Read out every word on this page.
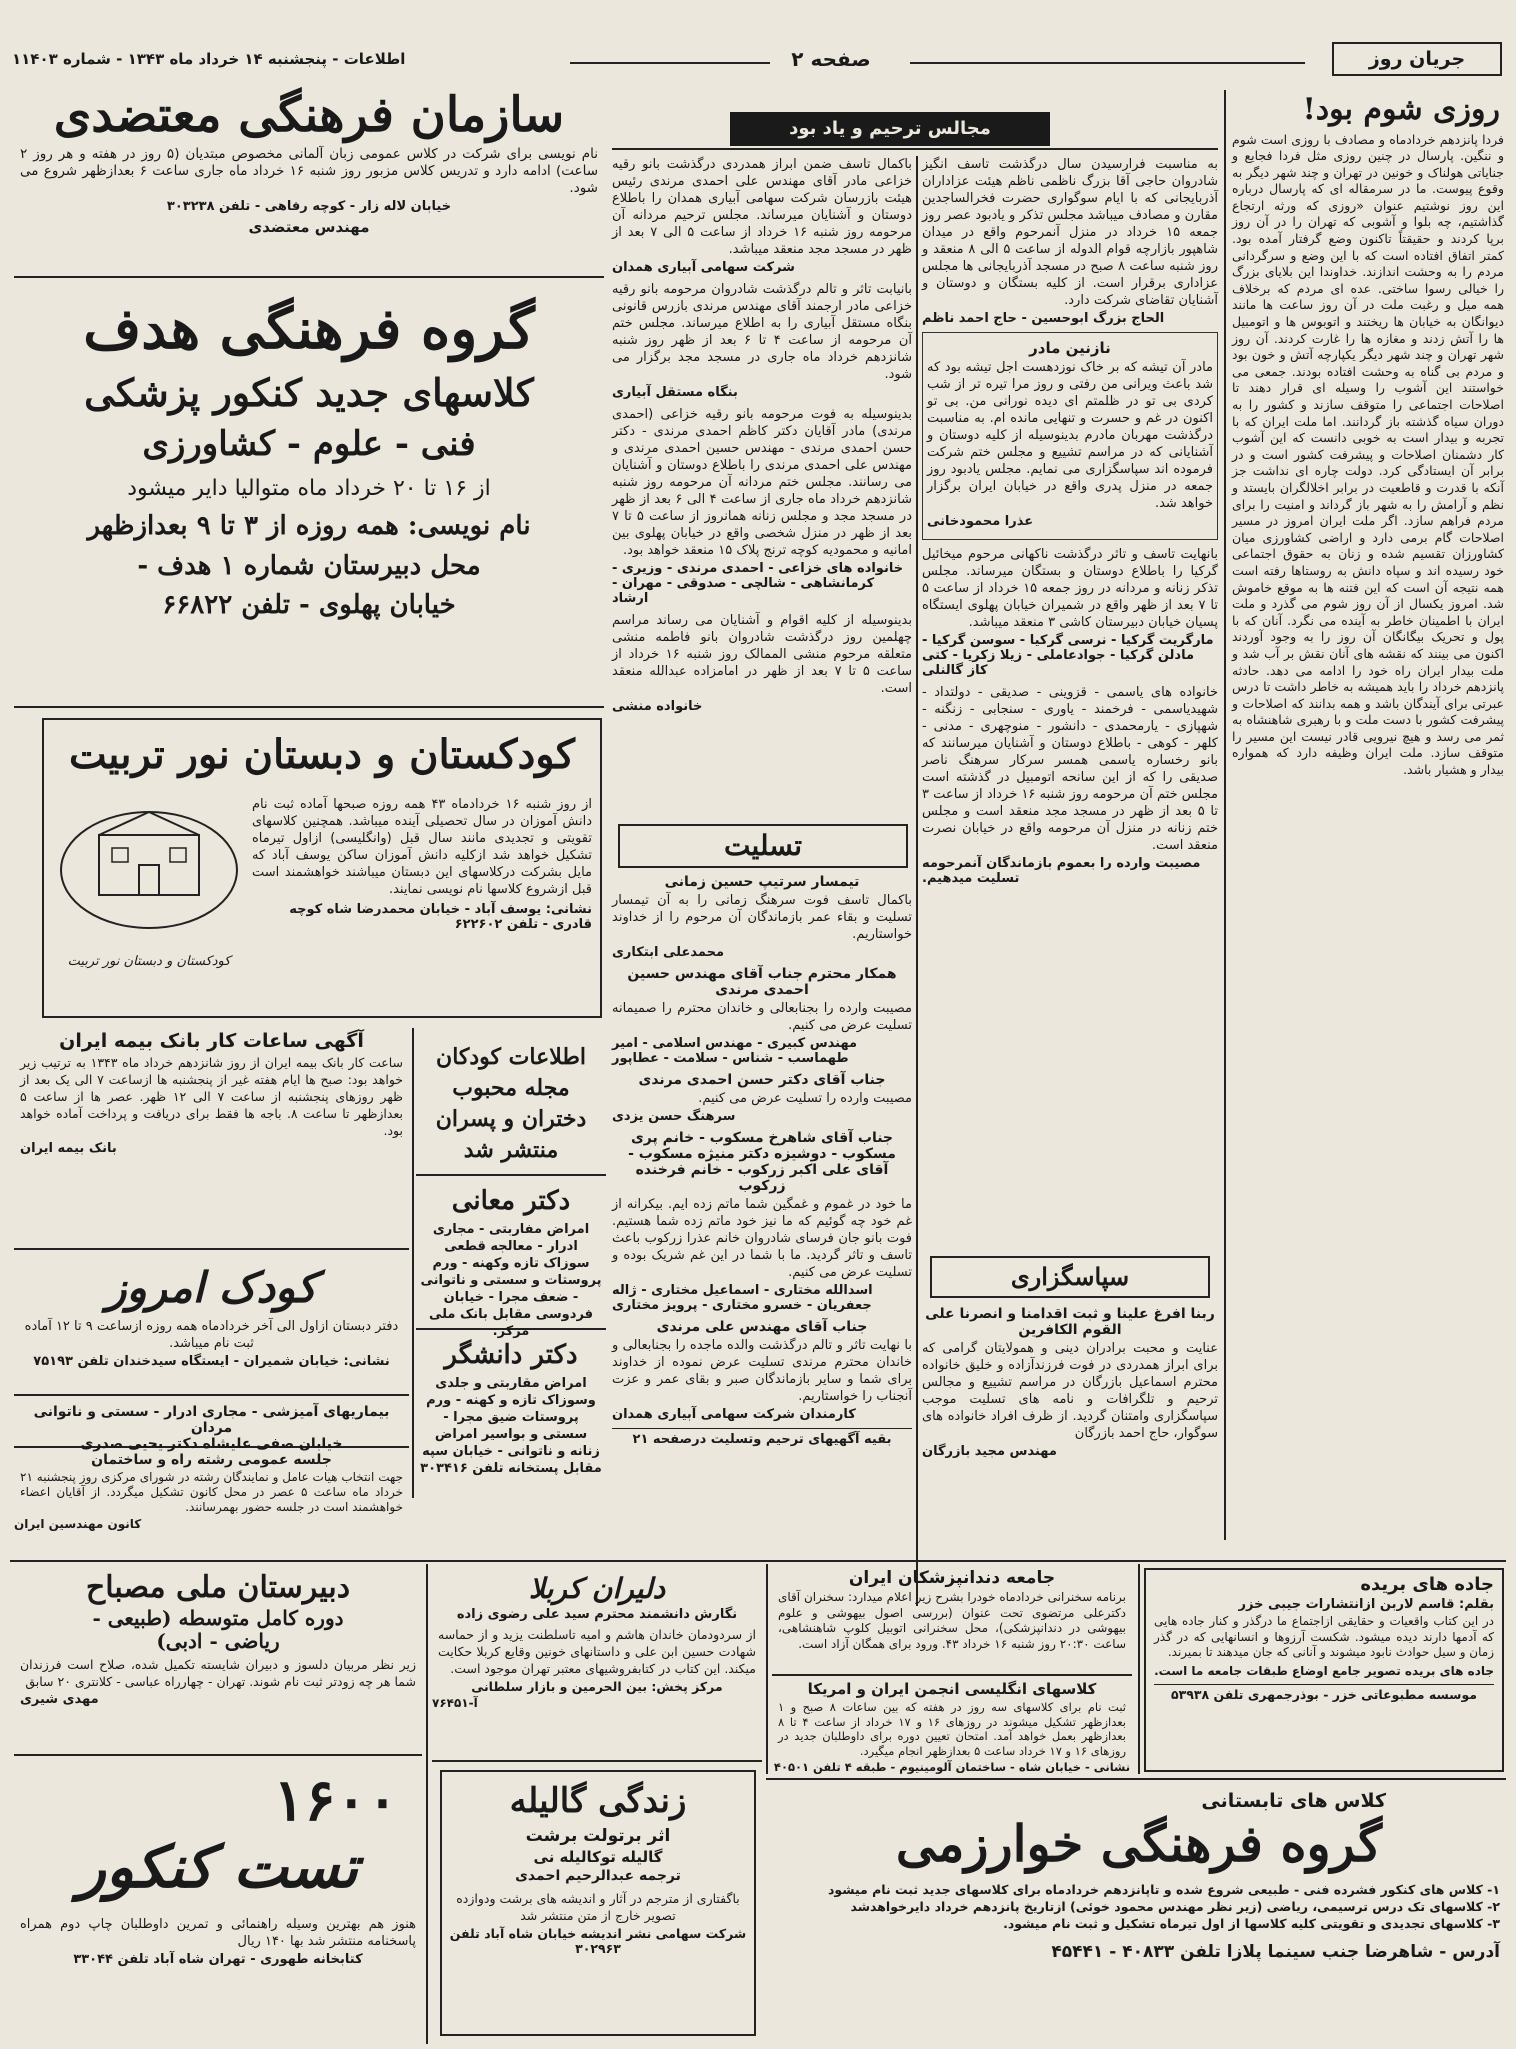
جریان روز
صفحه ۲
اطلاعات - پنجشنبه ۱۴ خرداد ماه ۱۳۴۳ - شماره ۱۱۴۰۳
روزی شوم بود!

فردا پانزدهم خردادماه و مصادف با روزی است شوم و ننگین. پارسال در چنین روزی مثل فردا فجایع و جنایاتی هولناک و خونین در تهران و چند شهر دیگر به وقوع پیوست. ما در سرمقاله ای که پارسال درباره این روز نوشتیم عنوان «روزی که ورثه ارتجاع گذاشتیم، چه بلوا و آشوبی که تهران را در آن روز برپا کردند و حقیقتاً تاکنون وضع گرفتار آمده بود. کمتر اتفاق افتاده است که با این وضع و سرگردانی مردم را به وحشت اندازند. خداوندا این بلایای بزرگ را خیالی رسوا ساختی. عده ای مردم که برخلاف همه میل و رغبت ملت در آن روز ساعت ها مانند دیوانگان به خیابان ها ریختند و اتوبوس ها و اتومبیل ها را آتش زدند و مغازه ها را غارت کردند. آن روز شهر تهران و چند شهر دیگر یکپارچه آتش و خون بود و مردم بی گناه به وحشت افتاده بودند. جمعی می خواستند این آشوب را وسیله ای قرار دهند تا اصلاحات اجتماعی را متوقف سازند و کشور را به دوران سیاه گذشته باز گردانند. اما ملت ایران که با تجربه و بیدار است به خوبی دانست که این آشوب کار دشمنان اصلاحات و پیشرفت کشور است و در برابر آن ایستادگی کرد. دولت چاره ای نداشت جز آنکه با قدرت و قاطعیت در برابر اخلالگران بایستد و نظم و آرامش را به شهر باز گرداند و امنیت را برای مردم فراهم سازد. اگر ملت ایران امروز در مسیر اصلاحات گام برمی دارد و اراضی کشاورزی میان کشاورزان تقسیم شده و زنان به حقوق اجتماعی خود رسیده اند و سپاه دانش به روستاها رفته است همه نتیجه آن است که این فتنه ها به موقع خاموش شد. امروز یکسال از آن روز شوم می گذرد و ملت ایران با اطمینان خاطر به آینده می نگرد. آنان که با پول و تحریک بیگانگان آن روز را به وجود آوردند اکنون می بینند که نقشه های آنان نقش بر آب شد و ملت بیدار ایران راه خود را ادامه می دهد. حادثه پانزدهم خرداد را باید همیشه به خاطر داشت تا درس عبرتی برای آیندگان باشد و همه بدانند که اصلاحات و پیشرفت کشور با دست ملت و با رهبری شاهنشاه به ثمر می رسد و هیچ نیرویی قادر نیست این مسیر را متوقف سازد. ملت ایران وظیفه دارد که همواره بیدار و هشیار باشد.

مجالس ترحیم و یاد بود

باکمال تاسف ضمن ابراز همدردی درگذشت بانو رقیه خزاعی مادر آقای مهندس علی احمدی مرندی رئیس هیئت بازرسان شرکت سهامی آبیاری همدان را باطلاع دوستان و آشنایان میرساند. مجلس ترحیم مردانه آن مرحومه روز شنبه ۱۶ خرداد از ساعت ۵ الی ۷ بعد از ظهر در مسجد مجد منعقد میباشد.

شرکت سهامی آبیاری همدان

بانیابت تاثر و تالم درگذشت شادروان مرحومه بانو رقیه خزاعی مادر ارجمند آقای مهندس مرندی بازرس قانونی بنگاه مستقل آبیاری را به اطلاع میرساند. مجلس ختم آن مرحومه از ساعت ۴ تا ۶ بعد از ظهر روز شنبه شانزدهم خرداد ماه جاری در مسجد مجد برگزار می شود.

بنگاه مستقل آبیاری

بدینوسیله به فوت مرحومه بانو رقیه خزاعی (احمدی مرندی) مادر آقایان دکتر کاظم احمدی مرندی - دکتر حسن احمدی مرندی - مهندس حسین احمدی مرندی و مهندس علی احمدی مرندی را باطلاع دوستان و آشنایان می رسانند. مجلس ختم مردانه آن مرحومه روز شنبه شانزدهم خرداد ماه جاری از ساعت ۴ الی ۶ بعد از ظهر در مسجد مجد و مجلس زنانه همانروز از ساعت ۵ تا ۷ بعد از ظهر در منزل شخصی واقع در خیابان پهلوی بین امانیه و محمودیه کوچه ترنج پلاک ۱۵ منعقد خواهد بود.

خانواده های خزاعی - احمدی مرندی - وزیری - کرمانشاهی - شالچی - صدوقی - مهران - ارشاد

بدینوسیله از کلیه اقوام و آشنایان می رساند مراسم چهلمین روز درگذشت شادروان بانو فاطمه منشی متعلقه مرحوم منشی الممالک روز شنبه ۱۶ خرداد از ساعت ۵ تا ۷ بعد از ظهر در امامزاده عبدالله منعقد است.

خانواده منشی

به مناسبت فرارسیدن سال درگذشت تاسف انگیز شادروان حاجی آقا بزرگ ناظمی ناظم هیئت عزاداران آذربایجانی که با ایام سوگواری حضرت فخرالساجدین مقارن و مصادف میباشد مجلس تذکر و یادبود عصر روز جمعه ۱۵ خرداد در منزل آنمرحوم واقع در میدان شاهپور بازارچه قوام الدوله از ساعت ۵ الی ۸ منعقد و روز شنبه ساعت ۸ صبح در مسجد آذربایجانی ها مجلس عزاداری برقرار است. از کلیه بستگان و دوستان و آشنایان تقاضای شرکت دارد.

الحاج بزرگ ابوحسین - حاج احمد ناظم

نازنین مادر

مادر آن تیشه که بر خاک نوزدهست اجل تیشه بود که شد باعث ویرانی من رفتی و روز مرا تیره تر از شب کردی بی تو در ظلمتم ای دیده نورانی من. بی تو اکنون در غم و حسرت و تنهایی مانده ام. به مناسبت درگذشت مهربان مادرم بدینوسیله از کلیه دوستان و آشنایانی که در مراسم تشییع و مجلس ختم شرکت فرموده اند سپاسگزاری می نمایم. مجلس یادبود روز جمعه در منزل پدری واقع در خیابان ایران برگزار خواهد شد.

عذرا محمودخانی

بانهایت تاسف و تاثر درگذشت ناکهانی مرحوم میخائیل گرکیا را باطلاع دوستان و بستگان میرساند. مجلس تذکر زنانه و مردانه در روز جمعه ۱۵ خرداد از ساعت ۵ تا ۷ بعد از ظهر واقع در شمیران خیابان پهلوی ایستگاه پسیان خیابان دبیرستان کاشی ۳ منعقد میباشد.

مارگریت گرکیا - نرسی گرکیا - سوسن گرکیا - مادلن گرکیا - جوادعاملی - زیلا زکریا - کتی کاز گالنلی

خانواده های یاسمی - قزوینی - صدیقی - دولتداد - شهیدیاسمی - فرخمند - یاوری - سنجابی - زنگنه - شهپازی - یارمحمدی - دانشور - منوچهری - مدنی - کلهر - کوهی - باطلاع دوستان و آشنایان میرسانند که بانو رخساره یاسمی همسر سرکار سرهنگ ناصر صدیقی را که از این سانحه اتومبیل در گذشته است مجلس ختم آن مرحومه روز شنبه ۱۶ خرداد از ساعت ۳ تا ۵ بعد از ظهر در مسجد مجد منعقد است و مجلس ختم زنانه در منزل آن مرحومه واقع در خیابان نصرت منعقد است.

مصیبت وارده را بعموم بازماندگان آنمرحومه تسلیت میدهیم.

تسلیت

تیمسار سرتیپ حسین زمانی

باکمال تاسف فوت سرهنگ زمانی را به آن تیمسار تسلیت و بقاء عمر بازماندگان آن مرحوم را از خداوند خواستاریم.

محمدعلی ابتکاری

همکار محترم جناب آقای مهندس حسین احمدی مرندی

مصیبت وارده را بجنابعالی و خاندان محترم را صمیمانه تسلیت عرض می کنیم.

مهندس کبیری - مهندس اسلامی - امیر طهماسب - شناس - سلامت - عطاپور

جناب آقای دکتر حسن احمدی مرندی

مصیبت وارده را تسلیت عرض می کنیم.

سرهنگ حسن یزدی

جناب آقای شاهرخ مسکوب - خانم پری مسکوب - دوشیزه دکتر منیژه مسکوب - آقای علی اکبر زرکوب - خانم فرخنده زرکوب

ما خود در غموم و غمگین شما ماتم زده ایم. بیکرانه از غم خود چه گوئیم که ما نیز خود ماتم زده شما هستیم. فوت بانو جان فرسای شادروان خانم عذرا زرکوب باعث تاسف و تاثر گردید. ما با شما در این غم شریک بوده و تسلیت عرض می کنیم.

اسدالله مختاری - اسماعیل مختاری - ژاله جعفریان - خسرو مختاری - پرویز مختاری

جناب آقای مهندس علی مرندی

با نهایت تاثر و تالم درگذشت والده ماجده را بجنابعالی و خاندان محترم مرندی تسلیت عرض نموده از خداوند برای شما و سایر بازماندگان صبر و بقای عمر و عزت آنجناب را خواستاریم.

کارمندان شرکت سهامی آبیاری همدان

بقیه آگهیهای ترحیم وتسلیت درصفحه ۲۱

سپاسگزاری

ربنا افرغ علینا و ثبت اقدامنا و انصرنا علی القوم الکافرین

عنایت و محبت برادران دینی و همولایتان گرامی که برای ابراز همدردی در فوت فرزندآزاده و خلیق خانواده محترم اسماعیل بازرگان در مراسم تشییع و مجالس ترحیم و تلگرافات و نامه های تسلیت موجب سپاسگزاری وامتنان گردید. از ظرف افراد خانواده های سوگوار، حاج احمد بازرگان

مهندس مجید بازرگان

سازمان فرهنگی معتضدی

نام نویسی برای شرکت در کلاس عمومی زبان آلمانی مخصوص مبتدیان (۵ روز در هفته و هر روز ۲ ساعت) ادامه دارد و تدریس کلاس مزبور روز شنبه ۱۶ خرداد ماه جاری ساعت ۶ بعدازظهر شروع می شود.

خیابان لاله زار - کوچه رفاهی - تلفن ۳۰۳۲۳۸

مهندس معتضدی

گروه فرهنگی هدف
کلاسهای جدید کنکور پزشکی
فنی - علوم - کشاورزی
از ۱۶ تا ۲۰ خرداد ماه متوالیا دایر میشود
نام نویسی: همه روزه از ۳ تا ۹ بعدازظهر
محل دبیرستان شماره ۱ هدف -
خیابان پهلوی - تلفن ۶۶۸۲۲
کودکستان و دبستان نور تربیت

از روز شنبه ۱۶ خردادماه ۴۳ همه روزه صبحها آماده ثبت نام دانش آموزان در سال تحصیلی آینده میباشد. همچنین کلاسهای تقویتی و تجدیدی مانند سال قبل (وانگلیسی) ازاول تیرماه تشکیل خواهد شد ازکلیه دانش آموزان ساکن یوسف آباد که مایل بشرکت درکلاسهای این دبستان میباشند خواهشمند است قبل ازشروع کلاسها نام نویسی نمایند.

نشانی: یوسف آباد - خیابان محمدرضا شاه کوچه قادری - تلفن ۶۲۲۶۰۲

کودکستان و دبستان نور تربیت
آگهی ساعات کار بانک بیمه ایران

ساعت کار بانک بیمه ایران از روز شانزدهم خرداد ماه ۱۳۴۳ به ترتیب زیر خواهد بود: صبح ها ایام هفته غیر از پنجشنبه ها ازساعت ۷ الی یک بعد از ظهر روزهای پنجشنبه از ساعت ۷ الی ۱۲ ظهر. عصر ها از ساعت ۵ بعدازظهر تا ساعت ۸. باجه ها فقط برای دریافت و پرداخت آماده خواهد بود.

بانک بیمه ایران

اطلاعات کودکان
مجله محبوب
دختران و پسران
منتشر شد
دکتر معانی

امراض مفاربتی - مجاری ادرار - معالجه قطعی سوزاک تازه وکهنه - ورم پروستات و سستی و ناتوانی - ضعف مجرا - خیابان فردوسی مقابل بانک ملی مرکز.

دکتر دانشگر

امراض مقاربتی و جلدی وسوزاک تازه و کهنه - ورم پروستات ضیق مجرا - سستی و بواسیر امراض زنانه و ناتوانی - خیابان سپه مقابل پستخانه تلفن ۳۰۳۴۱۶

کودک امروز

دفتر دبستان ازاول الی آخر خردادماه همه روزه ازساعت ۹ تا ۱۲ آماده ثبت نام میباشد.

نشانی: خیابان شمیران - ایستگاه سیدخندان تلفن ۷۵۱۹۳

بیماریهای آمیزشی - مجاری ادرار - سستی و ناتوانی مردان

خیابان صفی علیشاه دکتر یحیی صدری

جلسه عمومی رشته راه و ساختمان

جهت انتخاب هیات عامل و نمایندگان رشته در شورای مرکزی روز پنجشنبه ۲۱ خرداد ماه ساعت ۵ عصر در محل کانون تشکیل میگردد. از آقایان اعضاء خواهشمند است در جلسه حضور بهمرسانند.

کانون مهندسین ایران

دبیرستان ملی مصباح
دوره کامل متوسطه (طبیعی -
ریاضی - ادبی)

زیر نظر مربیان دلسوز و دبیران شایسته تکمیل شده، صلاح است فرزندان شما هر چه زودتر ثبت نام شوند. تهران - چهارراه عباسی - کلانتری ۲۰ سابق

مهدی شیری

۱۶۰۰
تست کنکور

هنوز هم بهترین وسیله راهنمائی و تمرین داوطلبان چاپ دوم همراه پاسخنامه منتشر شد بها ۱۴۰ ریال

کتابخانه طهوری - تهران شاه آباد تلفن ۳۳۰۴۴

دلیران کربلا

نگارش دانشمند محترم سید علی رضوی زاده

از سردودمان خاندان هاشم و امیه تاسلطنت یزید و از حماسه شهادت حسین ابن علی و داستانهای خونین وقایع کربلا حکایت میکند. این کتاب در کتابفروشیهای معتبر تهران موجود است.

مرکز پخش: بین الحرمین و بازار سلطانی

آ-۷۶۴۵۱

زندگی گالیله

اثر برتولت برشت

گالیله توکالیله نی

ترجمه عبدالرحیم احمدی

باگفتاری از مترجم در آثار و اندیشه های برشت ودوازده تصویر خارج از متن منتشر شد

شرکت سهامی نشر اندیشه خیابان شاه آباد تلفن ۳۰۲۹۶۳

جامعه دندانپزشکان ایران

برنامه سخنرانی خردادماه خودرا بشرح زیر اعلام میدارد: سخنران آقای دکترعلی مرتضوی تحت عنوان (بررسی اصول بیهوشی و علوم بیهوشی در دندانپزشکی)، محل سخنرانی اتوبیل کلوپ شاهنشاهی، ساعت ۲۰:۳۰ روز شنبه ۱۶ خرداد ۴۳. ورود برای همگان آزاد است.

کلاسهای انگلیسی انجمن ایران و امریکا

ثبت نام برای کلاسهای سه روز در هفته که بین ساعات ۸ صبح و ۱ بعدازظهر تشکیل میشوند در روزهای ۱۶ و ۱۷ خرداد از ساعت ۴ تا ۸ بعدازظهر بعمل خواهد آمد. امتحان تعیین دوره برای داوطلبان جدید در روزهای ۱۶ و ۱۷ خرداد ساعت ۵ بعدازظهر انجام میگیرد.

نشانی - خیابان شاه - ساختمان آلومینیوم - طبقه ۴ تلفن ۴۰۵۰۱

جاده های بریده

بقلم: قاسم لاربن ازانتشارات جیبی خزر

در این کتاب واقعیات و حقایقی ازاجتماع ما درگذر و کنار جاده هایی که آدمها دارند دیده میشود. شکست آرزوها و انسانهایی که در گذر زمان و سیل حوادث نابود میشوند و آنانی که جان میدهند تا بمیرند.

جاده های بریده تصویر جامع اوضاع طبقات جامعه ما است.

موسسه مطبوعاتی خزر - بوذرجمهری تلفن ۵۳۹۳۸

کلاس های تابستانی

گروه فرهنگی خوارزمی

۱- کلاس های کنکور فشرده فنی - طبیعی شروع شده و تاپانزدهم خردادماه برای کلاسهای جدید ثبت نام میشود

۲- کلاسهای تک درس ترسیمی، ریاضی (زیر نظر مهندس محمود خوئی) ازتاریخ پانزدهم خرداد دایرخواهدشد

۳- کلاسهای تجدیدی و تقویتی کلیه کلاسها از اول تیرماه تشکیل و ثبت نام میشود.

آدرس - شاهرضا جنب سینما پلازا تلفن ۴۰۸۳۳ - ۴۵۴۴۱
